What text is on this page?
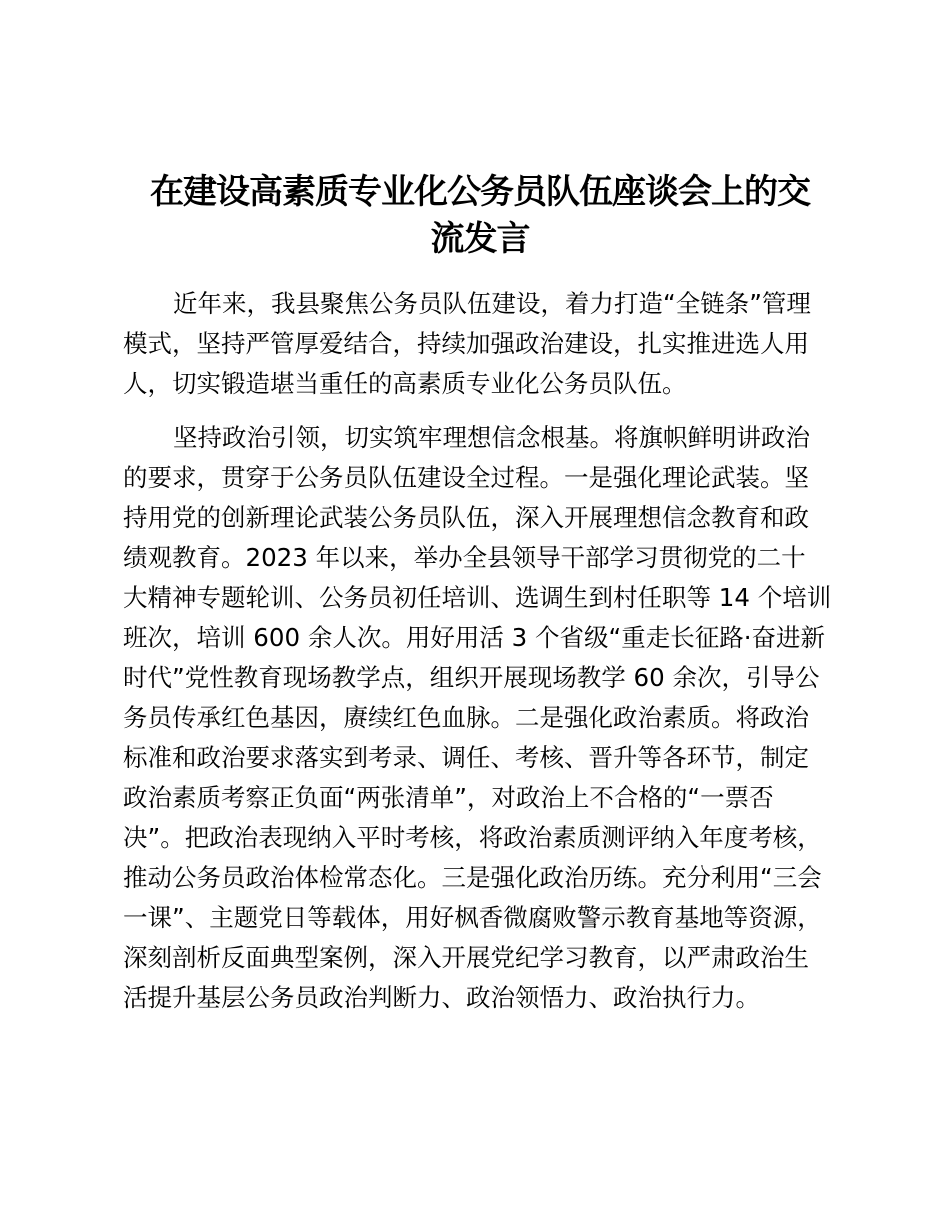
在建设高素质专业化公务员队伍座谈会上的交
流发言

近年来，我县聚焦公务员队伍建设，着力打造“全链条”管理

模式，坚持严管厚爱结合，持续加强政治建设，扎实推进选人用

人，切实锻造堪当重任的高素质专业化公务员队伍。

坚持政治引领，切实筑牢理想信念根基。将旗帜鲜明讲政治

的要求，贯穿于公务员队伍建设全过程。一是强化理论武装。坚

持用党的创新理论武装公务员队伍，深入开展理想信念教育和政

绩观教育。2023 年以来，举办全县领导干部学习贯彻党的二十

大精神专题轮训、公务员初任培训、选调生到村任职等 14 个培训

班次，培训 600 余人次。用好用活 3 个省级“重走长征路·奋进新

时代”党性教育现场教学点，组织开展现场教学 60 余次，引导公

务员传承红色基因，赓续红色血脉。二是强化政治素质。将政治

标准和政治要求落实到考录、调任、考核、晋升等各环节，制定

政治素质考察正负面“两张清单”，对政治上不合格的“一票否

决”。把政治表现纳入平时考核，将政治素质测评纳入年度考核，

推动公务员政治体检常态化。三是强化政治历练。充分利用“三会

一课”、主题党日等载体，用好枫香微腐败警示教育基地等资源，

深刻剖析反面典型案例，深入开展党纪学习教育，以严肃政治生

活提升基层公务员政治判断力、政治领悟力、政治执行力。
